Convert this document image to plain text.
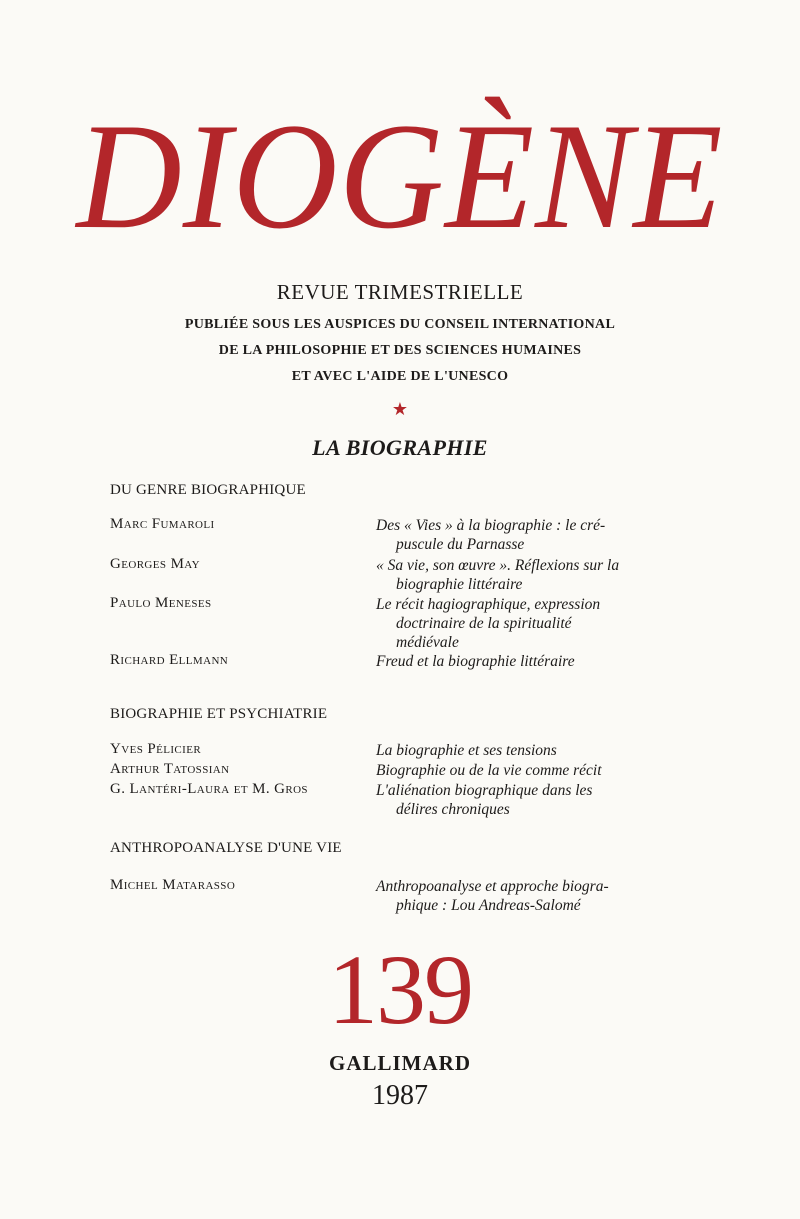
DIOGÈNE
REVUE TRIMESTRIELLE
PUBLIÉE SOUS LES AUSPICES DU CONSEIL INTERNATIONAL
DE LA PHILOSOPHIE ET DES SCIENCES HUMAINES
ET AVEC L'AIDE DE L'UNESCO
★
LA BIOGRAPHIE
DU GENRE BIOGRAPHIQUE
Marc Fumaroli	Des « Vies » à la biographie : le cré-
puscule du Parnasse
Georges May	« Sa vie, son œuvre ». Réflexions sur la
biographie littéraire
Paulo Meneses	Le récit hagiographique, expression
doctrinaire de la spiritualité
médiévale
Richard Ellmann	Freud et la biographie littéraire
BIOGRAPHIE ET PSYCHIATRIE
Yves Pélicier	La biographie et ses tensions
Arthur Tatossian	Biographie ou de la vie comme récit
G. Lantéri-Laura et M. Gros	L'aliénation biographique dans les
délires chroniques
ANTHROPOANALYSE D'UNE VIE
Michel Matarasso	Anthropoanalyse et approche biogra-
phique : Lou Andreas-Salomé
139
GALLIMARD
1987
